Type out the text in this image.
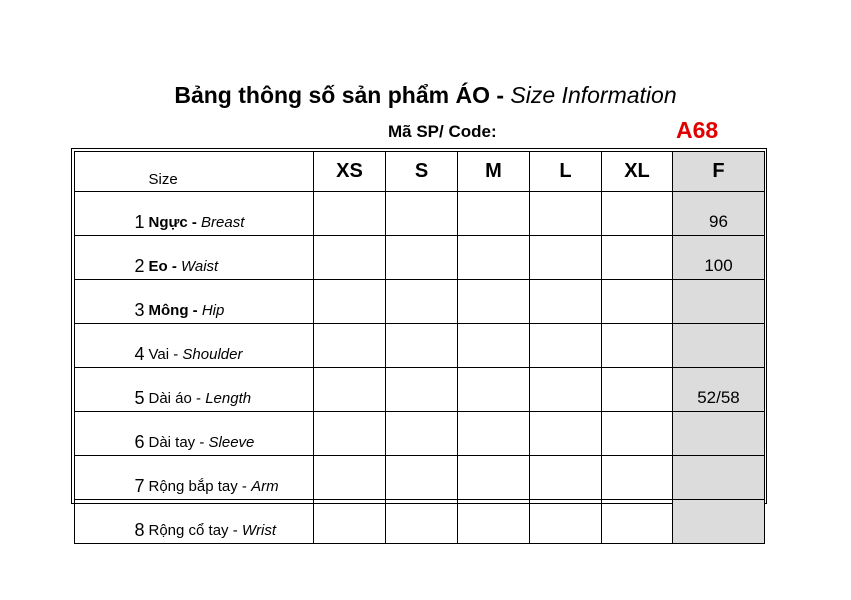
Bảng thông số sản phẩm ÁO - Size Information
Mã SP/ Code:	A68
	Size	XS	S	M	L	XL	F
1	Ngực - Breast						96
2	Eo - Waist						100
3	Mông - Hip						
4	Vai - Shoulder						
5	Dài áo - Length						52/58
6	Dài tay - Sleeve						
7	Rộng bắp tay - Arm						
8	Rộng cổ tay - Wrist						
